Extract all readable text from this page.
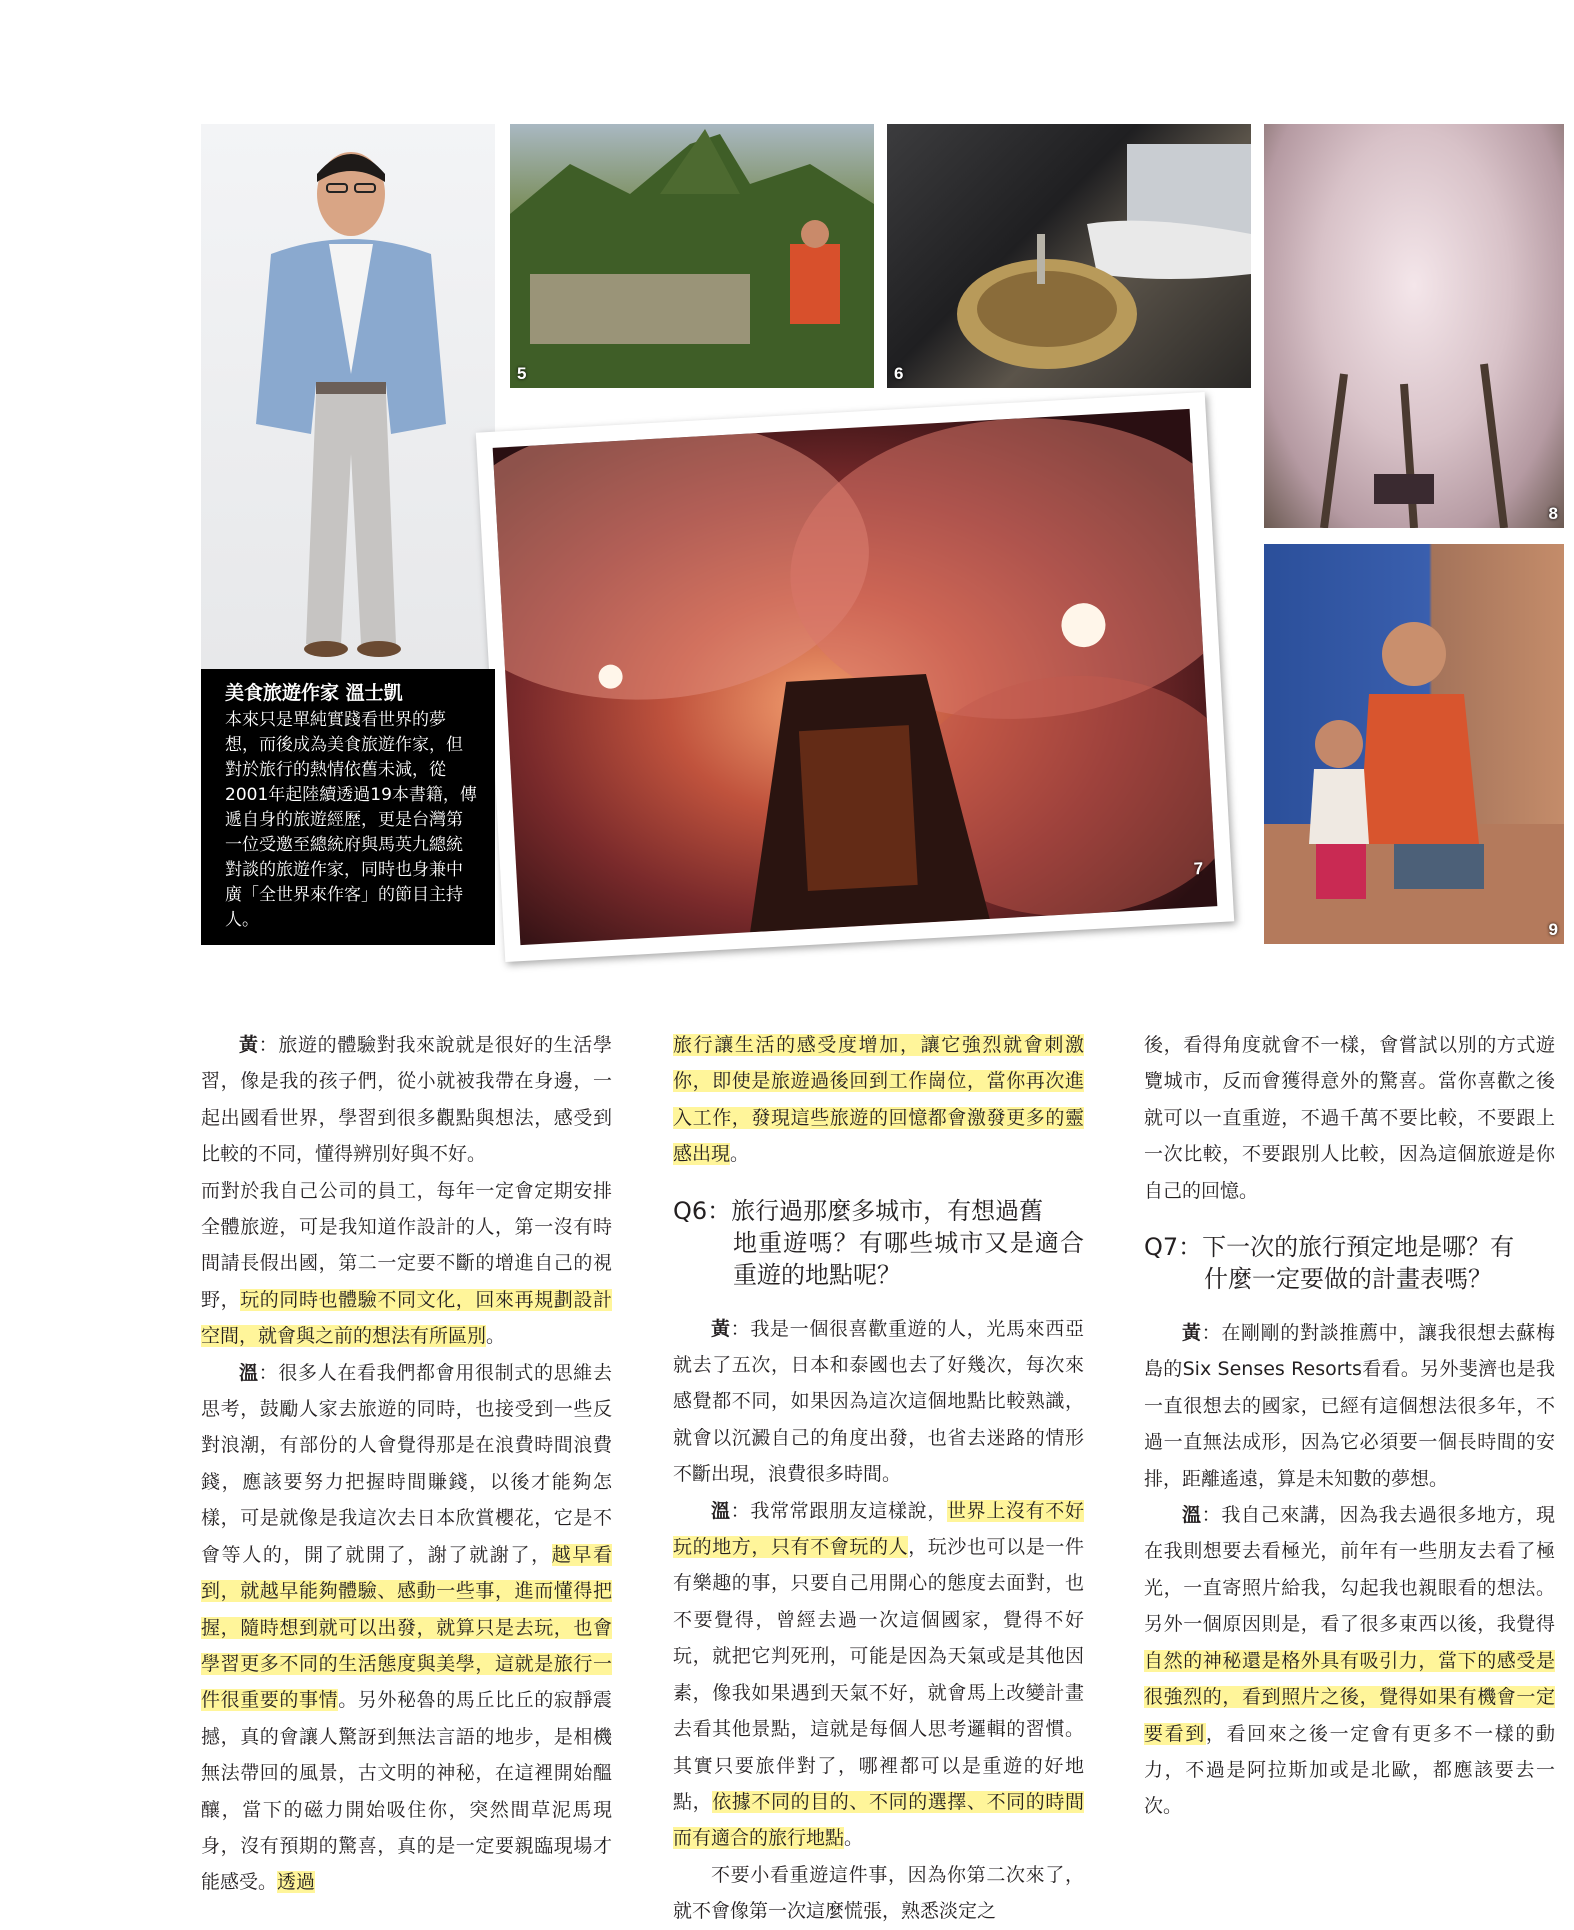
5	6
8
9
7
美食旅遊作家 溫士凱
本來只是單純實踐看世界的夢想，而後成為美食旅遊作家，但對於旅行的熱情依舊未減，從2001年起陸續透過19本書籍，傳遞自身的旅遊經歷，更是台灣第一位受邀至總統府與馬英九總統對談的旅遊作家，同時也身兼中廣「全世界來作客」的節目主持人。

黃：旅遊的體驗對我來說就是很好的生活學習，像是我的孩子們，從小就被我帶在身邊，一起出國看世界，學習到很多觀點與想法，感受到比較的不同，懂得辨別好與不好。

而對於我自己公司的員工，每年一定會定期安排全體旅遊，可是我知道作設計的人，第一沒有時間請長假出國，第二一定要不斷的增進自己的視野，玩的同時也體驗不同文化，回來再規劃設計空間，就會與之前的想法有所區別。

溫：很多人在看我們都會用很制式的思維去思考，鼓勵人家去旅遊的同時，也接受到一些反對浪潮，有部份的人會覺得那是在浪費時間浪費錢，應該要努力把握時間賺錢，以後才能夠怎樣，可是就像是我這次去日本欣賞櫻花，它是不會等人的，開了就開了，謝了就謝了，越早看到，就越早能夠體驗、感動一些事，進而懂得把握，隨時想到就可以出發，就算只是去玩，也會學習更多不同的生活態度與美學，這就是旅行一件很重要的事情。另外秘魯的馬丘比丘的寂靜震撼，真的會讓人驚訝到無法言語的地步，是相機無法帶回的風景，古文明的神秘，在這裡開始醞釀，當下的磁力開始吸住你，突然間草泥馬現身，沒有預期的驚喜，真的是一定要親臨現場才能感受。透過

旅行讓生活的感受度增加，讓它強烈就會刺激你，即使是旅遊過後回到工作崗位，當你再次進入工作，發現這些旅遊的回憶都會激發更多的靈感出現。

Q6：旅行過那麼多城市，有想過舊
地重遊嗎？有哪些城市又是適合重遊的地點呢？

黃：我是一個很喜歡重遊的人，光馬來西亞就去了五次，日本和泰國也去了好幾次，每次來感覺都不同，如果因為這次這個地點比較熟識，就會以沉澱自己的角度出發，也省去迷路的情形不斷出現，浪費很多時間。

溫：我常常跟朋友這樣說，世界上沒有不好玩的地方，只有不會玩的人，玩沙也可以是一件有樂趣的事，只要自己用開心的態度去面對，也不要覺得，曾經去過一次這個國家，覺得不好玩，就把它判死刑，可能是因為天氣或是其他因素，像我如果遇到天氣不好，就會馬上改變計畫去看其他景點，這就是每個人思考邏輯的習慣。其實只要旅伴對了，哪裡都可以是重遊的好地點，依據不同的目的、不同的選擇、不同的時間而有適合的旅行地點。

不要小看重遊這件事，因為你第二次來了，就不會像第一次這麼慌張，熟悉淡定之

後，看得角度就會不一樣，會嘗試以別的方式遊覽城市，反而會獲得意外的驚喜。當你喜歡之後就可以一直重遊，不過千萬不要比較，不要跟上一次比較，不要跟別人比較，因為這個旅遊是你自己的回憶。

Q7：下一次的旅行預定地是哪？有
什麼一定要做的計畫表嗎？

黃：在剛剛的對談推薦中，讓我很想去蘇梅島的Six Senses Resorts看看。另外斐濟也是我一直很想去的國家，已經有這個想法很多年，不過一直無法成形，因為它必須要一個長時間的安排，距離遙遠，算是未知數的夢想。

溫：我自己來講，因為我去過很多地方，現在我則想要去看極光，前年有一些朋友去看了極光，一直寄照片給我，勾起我也親眼看的想法。另外一個原因則是，看了很多東西以後，我覺得自然的神秘還是格外具有吸引力，當下的感受是很強烈的，看到照片之後，覺得如果有機會一定要看到，看回來之後一定會有更多不一樣的動力，不過是阿拉斯加或是北歐，都應該要去一次。
